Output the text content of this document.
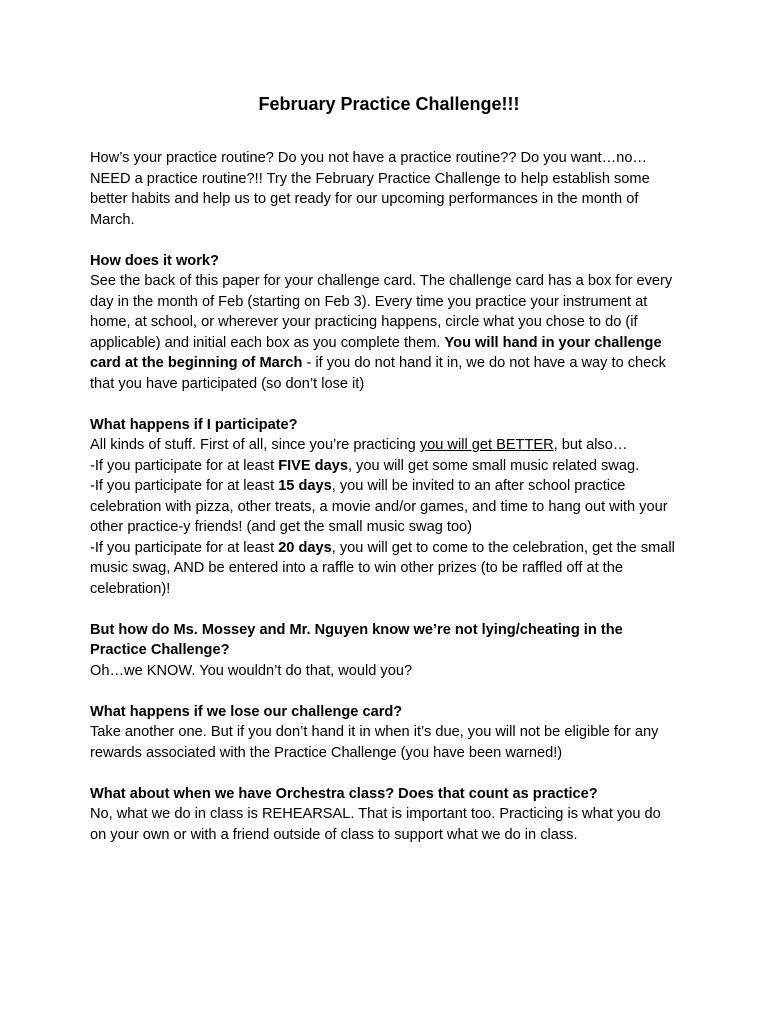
February Practice Challenge!!!

How’s your practice routine? Do you not have a practice routine?? Do you want…no…NEED a practice routine?!! Try the February Practice Challenge to help establish some better habits and help us to get ready for our upcoming performances in the month of March.

How does it work?

See the back of this paper for your challenge card. The challenge card has a box for every day in the month of Feb (starting on Feb 3). Every time you practice your instrument at home, at school, or wherever your practicing happens, circle what you chose to do (if applicable) and initial each box as you complete them. You will hand in your challenge card at the beginning of March - if you do not hand it in, we do not have a way to check that you have participated (so don’t lose it)

What happens if I participate?

All kinds of stuff. First of all, since you’re practicing you will get BETTER, but also…

-If you participate for at least FIVE days, you will get some small music related swag.

-If you participate for at least 15 days, you will be invited to an after school practice celebration with pizza, other treats, a movie and/or games, and time to hang out with your other practice-y friends! (and get the small music swag too)

-If you participate for at least 20 days, you will get to come to the celebration, get the small music swag, AND be entered into a raffle to win other prizes (to be raffled off at the celebration)!

But how do Ms. Mossey and Mr. Nguyen know we’re not lying/cheating in the Practice Challenge?

Oh…we KNOW. You wouldn’t do that, would you?

What happens if we lose our challenge card?

Take another one. But if you don’t hand it in when it’s due, you will not be eligible for any rewards associated with the Practice Challenge (you have been warned!)

What about when we have Orchestra class? Does that count as practice?

No, what we do in class is REHEARSAL. That is important too. Practicing is what you do on your own or with a friend outside of class to support what we do in class.
